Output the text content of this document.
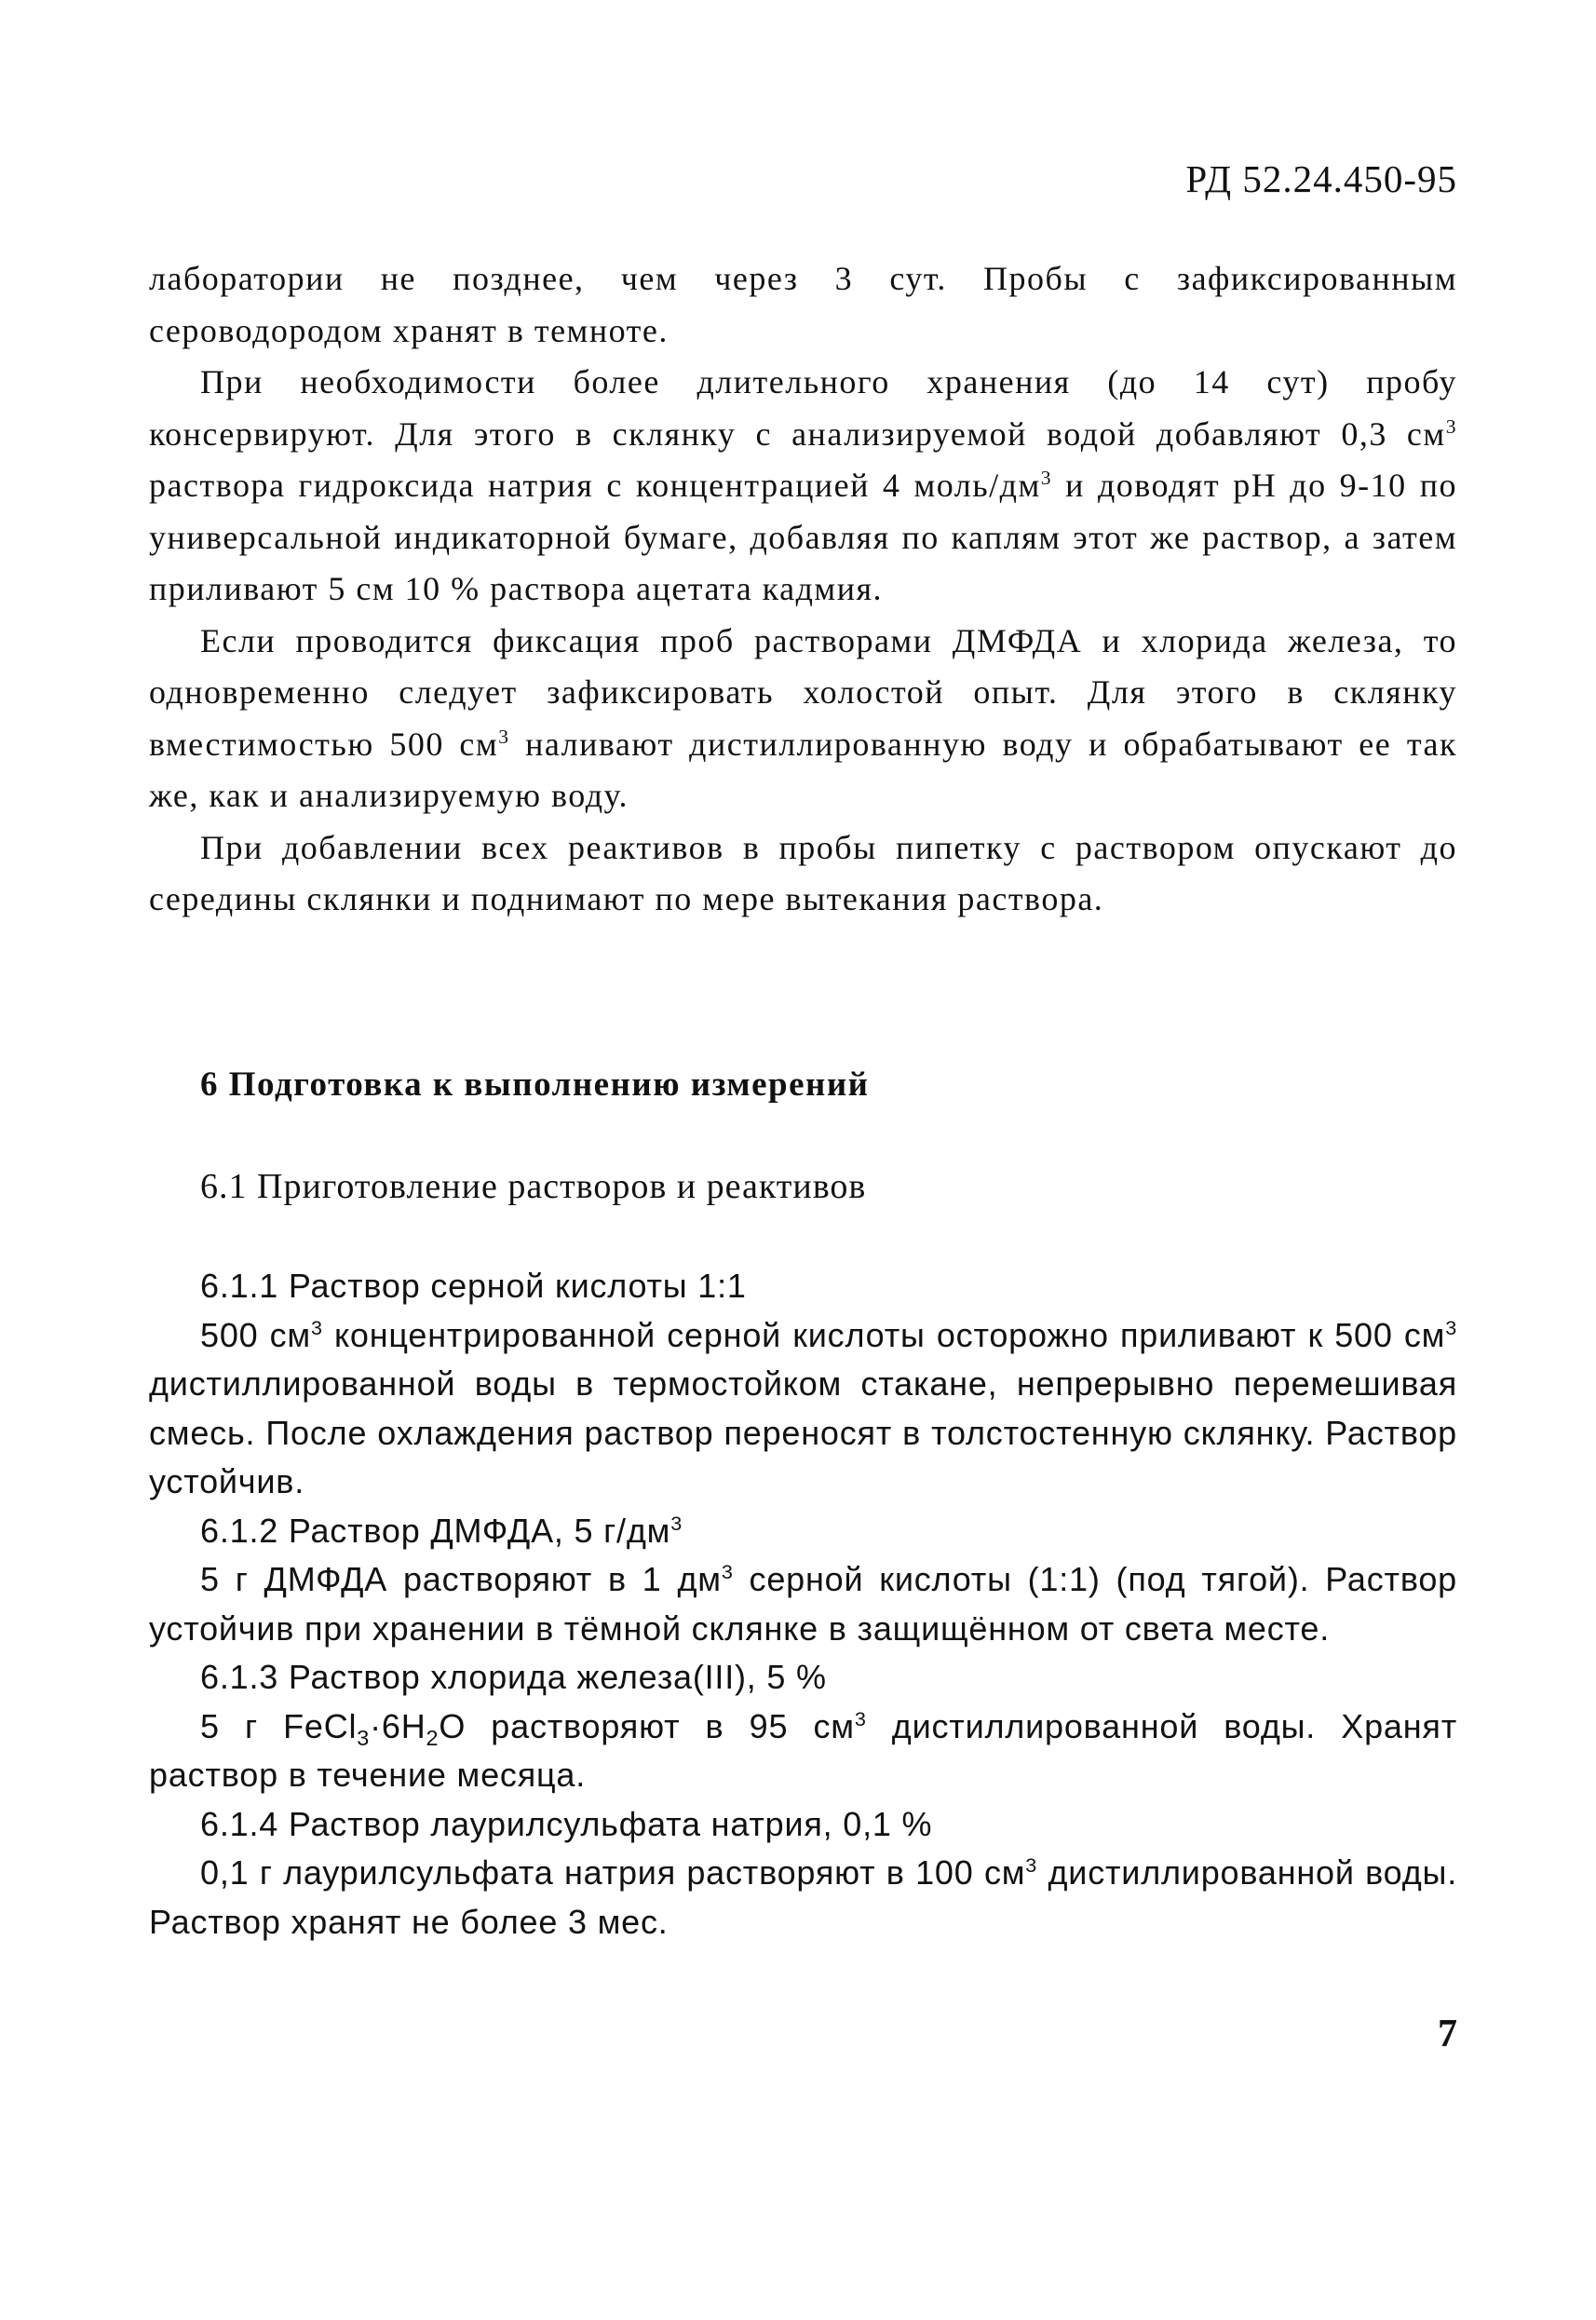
РД 52.24.450-95

лаборатории не позднее, чем через 3 сут. Пробы с зафиксированным сероводородом хранят в темноте.

При необходимости более длительного хранения (до 14 сут) пробу консервируют. Для этого в склянку с анализируемой водой добавляют 0,3 $см^3$ раствора гидроксида натрия с концентрацией 4 моль/$дм^3$ и доводят pH до 9-10 по универсальной индикаторной бумаге, добавляя по каплям этот же раствор, а затем приливают 5 см 10 % раствора ацетата кадмия.

Если проводится фиксация проб растворами ДМФДА и хлорида железа, то одновременно следует зафиксировать холостой опыт. Для этого в склянку вместимостью 500 $см^3$ наливают дистиллированную воду и обрабатывают ее так же, как и анализируемую воду.

При добавлении всех реактивов в пробы пипетку с раствором опускают до середины склянки и поднимают по мере вытекания раствора.

6 Подготовка к выполнению измерений
6.1 Приготовление растворов и реактивов

6.1.1 Раствор серной кислоты 1:1

500 $см^3$ концентрированной серной кислоты осторожно приливают к 500 $см^3$ дистиллированной воды в термостойком стакане, непрерывно перемешивая смесь. После охлаждения раствор переносят в толстостенную склянку. Раствор устойчив.

6.1.2 Раствор ДМФДА, 5 $г/дм^3$

5 г ДМФДА растворяют в 1 $дм^3$ серной кислоты (1:1) (под тягой). Раствор устойчив при хранении в тёмной склянке в защищённом от света месте.

6.1.3 Раствор хлорида железа(III), 5 %

5 г $FeCl_3\cdot 6H_2O$ растворяют в 95 $см^3$ дистиллированной воды. Хранят раствор в течение месяца.

6.1.4 Раствор лаурилсульфата натрия, 0,1 %

0,1 г лаурилсульфата натрия растворяют в 100 $см^3$ дистиллированной воды. Раствор хранят не более 3 мес.

7
